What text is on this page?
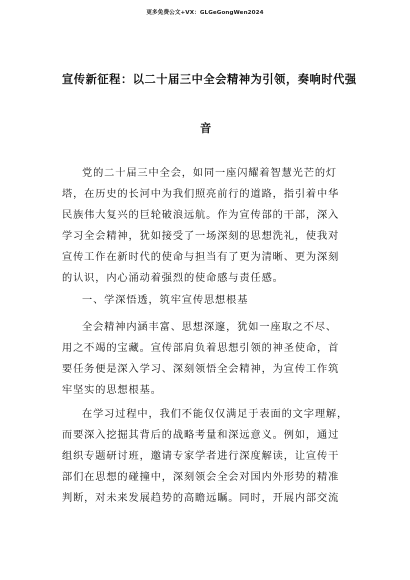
更多免费公文+VX：GLGeGongWen2024
宣传新征程：以二十届三中全会精神为引领，奏响时代强
音
党的二十届三中全会，如同一座闪耀着智慧光芒的灯
塔，在历史的长河中为我们照亮前行的道路，指引着中华
民族伟大复兴的巨轮破浪远航。作为宣传部的干部，深入
学习全会精神，犹如接受了一场深刻的思想洗礼，使我对
宣传工作在新时代的使命与担当有了更为清晰、更为深刻
的认识，内心涌动着强烈的使命感与责任感。
一、学深悟透，筑牢宣传思想根基
全会精神内涵丰富、思想深邃，犹如一座取之不尽、
用之不竭的宝藏。宣传部肩负着思想引领的神圣使命，首
要任务便是深入学习、深刻领悟全会精神，为宣传工作筑
牢坚实的思想根基。
在学习过程中，我们不能仅仅满足于表面的文字理解，
而要深入挖掘其背后的战略考量和深远意义。例如，通过
组织专题研讨班，邀请专家学者进行深度解读，让宣传干
部们在思想的碰撞中，深刻领会全会对国内外形势的精准
判断，对未来发展趋势的高瞻远瞩。同时，开展内部交流
